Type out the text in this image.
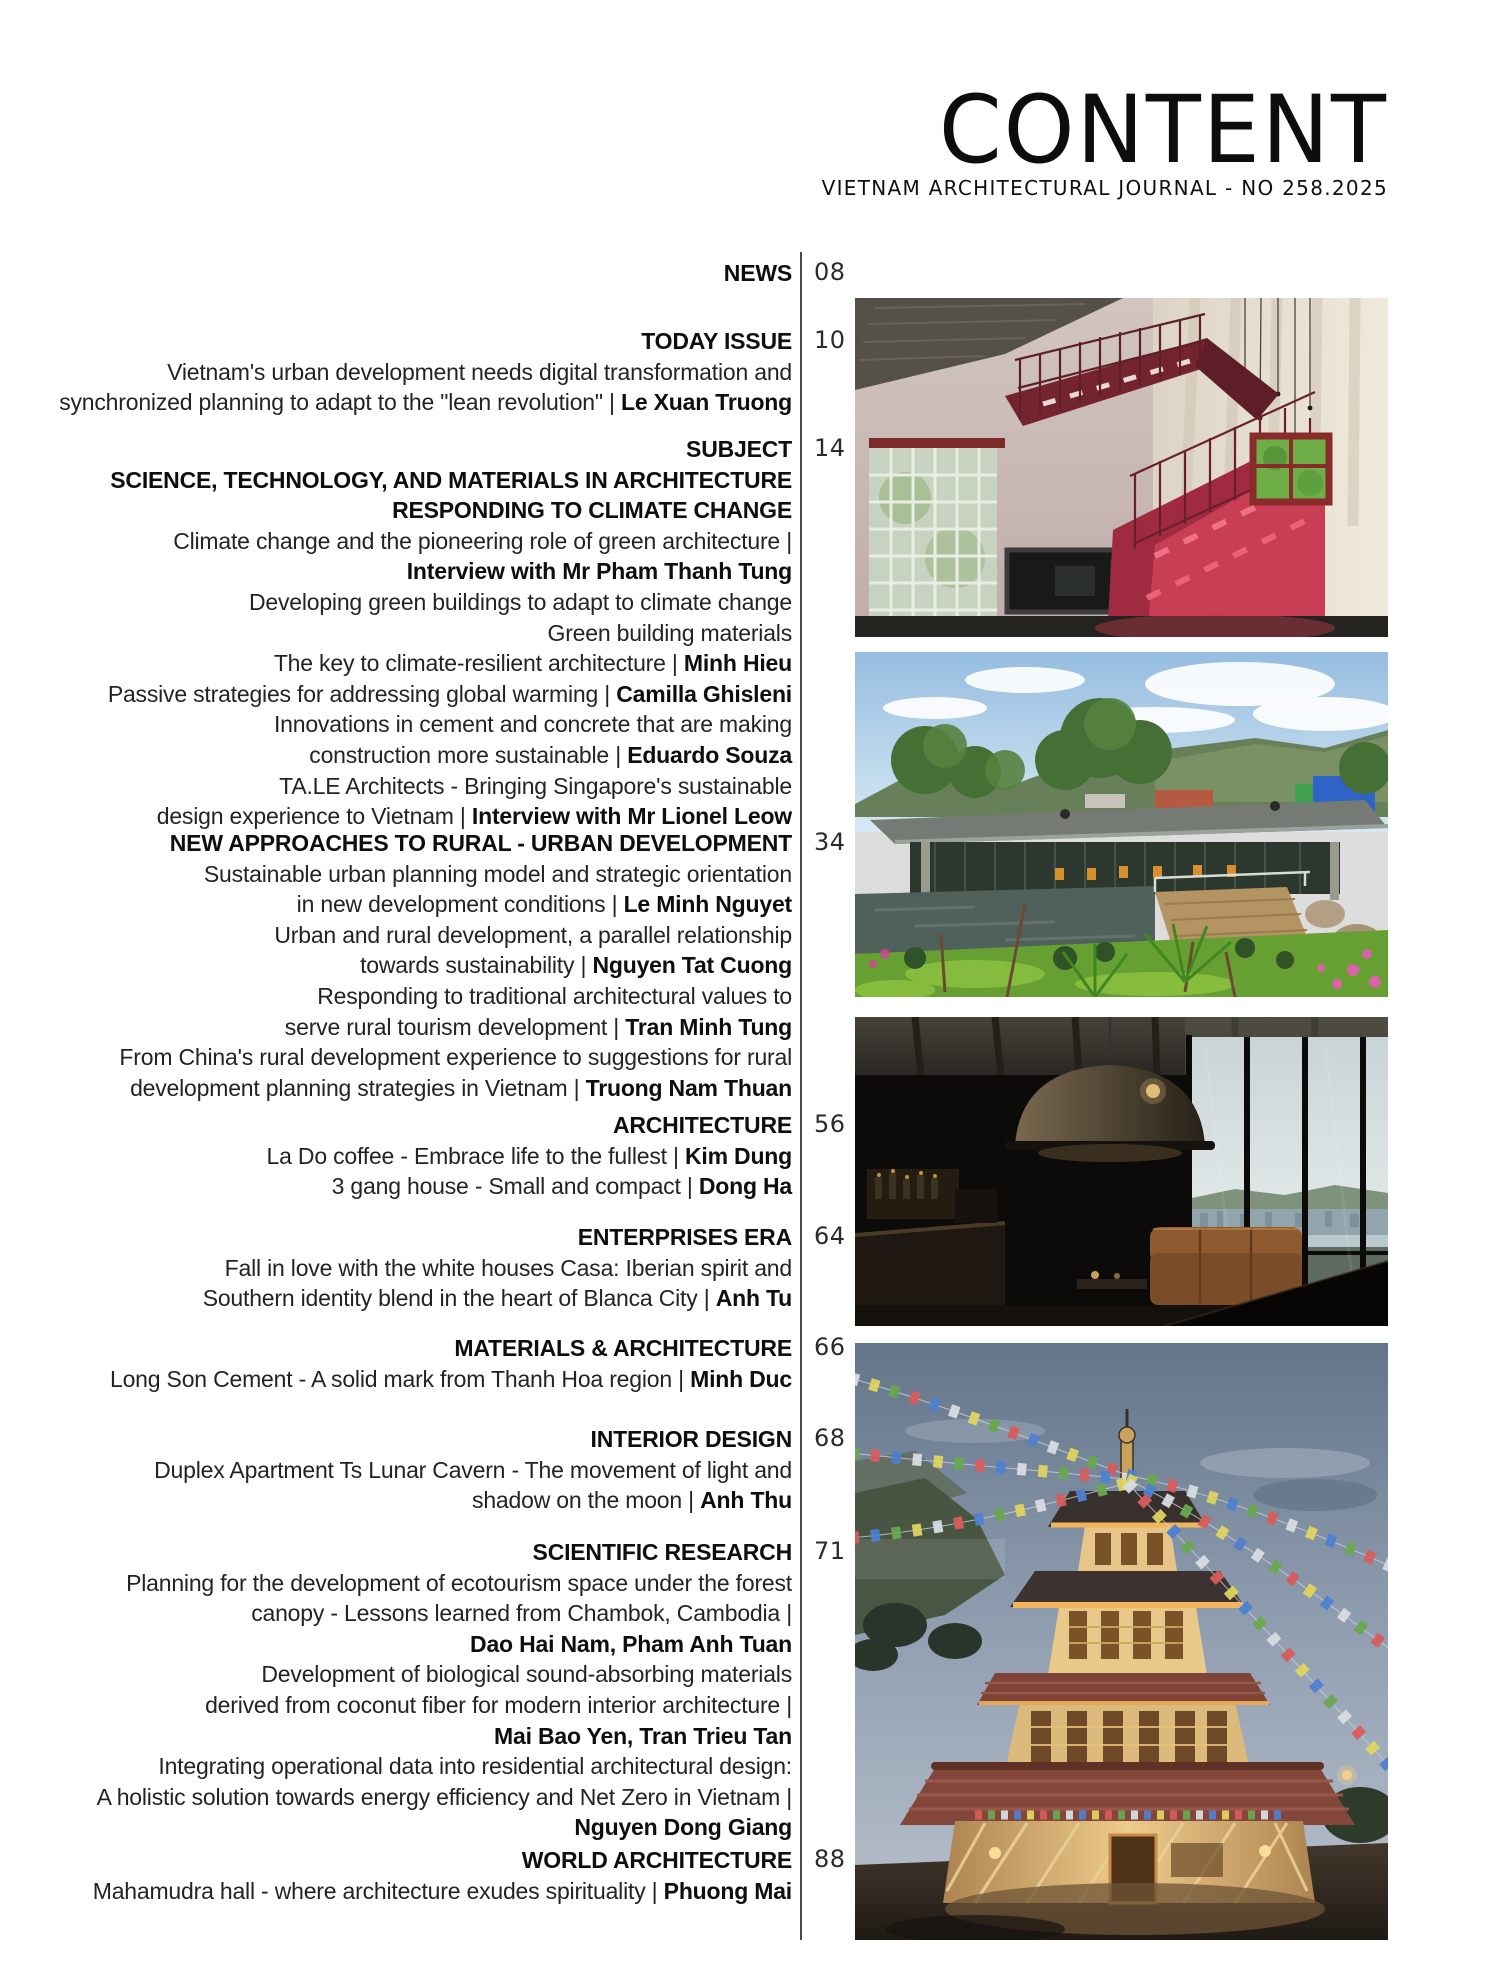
CONTENT
VIETNAM ARCHITECTURAL JOURNAL - NO 258.2025
08
10
14
34
56
64
66
68
71
88
NEWS
TODAY ISSUE
Vietnam's urban development needs digital transformation and
synchronized planning to adapt to the "lean revolution" | Le Xuan Truong
SUBJECT
SCIENCE, TECHNOLOGY, AND MATERIALS IN ARCHITECTURE
RESPONDING TO CLIMATE CHANGE
Climate change and the pioneering role of green architecture |
Interview with Mr Pham Thanh Tung
Developing green buildings to adapt to climate change
Green building materials
The key to climate-resilient architecture | Minh Hieu
Passive strategies for addressing global warming | Camilla Ghisleni
Innovations in cement and concrete that are making
construction more sustainable | Eduardo Souza
TA.LE Architects - Bringing Singapore's sustainable
design experience to Vietnam | Interview with Mr Lionel Leow
NEW APPROACHES TO RURAL - URBAN DEVELOPMENT
Sustainable urban planning model and strategic orientation
in new development conditions | Le Minh Nguyet
Urban and rural development, a parallel relationship
towards sustainability | Nguyen Tat Cuong
Responding to traditional architectural values to
serve rural tourism development | Tran Minh Tung
From China's rural development experience to suggestions for rural
development planning strategies in Vietnam | Truong Nam Thuan
ARCHITECTURE
La Do coffee - Embrace life to the fullest | Kim Dung
3 gang house - Small and compact | Dong Ha
ENTERPRISES ERA
Fall in love with the white houses Casa: Iberian spirit and
Southern identity blend in the heart of Blanca City | Anh Tu
MATERIALS & ARCHITECTURE
Long Son Cement - A solid mark from Thanh Hoa region | Minh Duc
INTERIOR DESIGN
Duplex Apartment Ts Lunar Cavern - The movement of light and
shadow on the moon | Anh Thu
SCIENTIFIC RESEARCH
Planning for the development of ecotourism space under the forest
canopy - Lessons learned from Chambok, Cambodia |
Dao Hai Nam, Pham Anh Tuan
Development of biological sound-absorbing materials
derived from coconut fiber for modern interior architecture |
Mai Bao Yen, Tran Trieu Tan
Integrating operational data into residential architectural design:
A holistic solution towards energy efficiency and Net Zero in Vietnam |
Nguyen Dong Giang
WORLD ARCHITECTURE
Mahamudra hall - where architecture exudes spirituality | Phuong Mai
